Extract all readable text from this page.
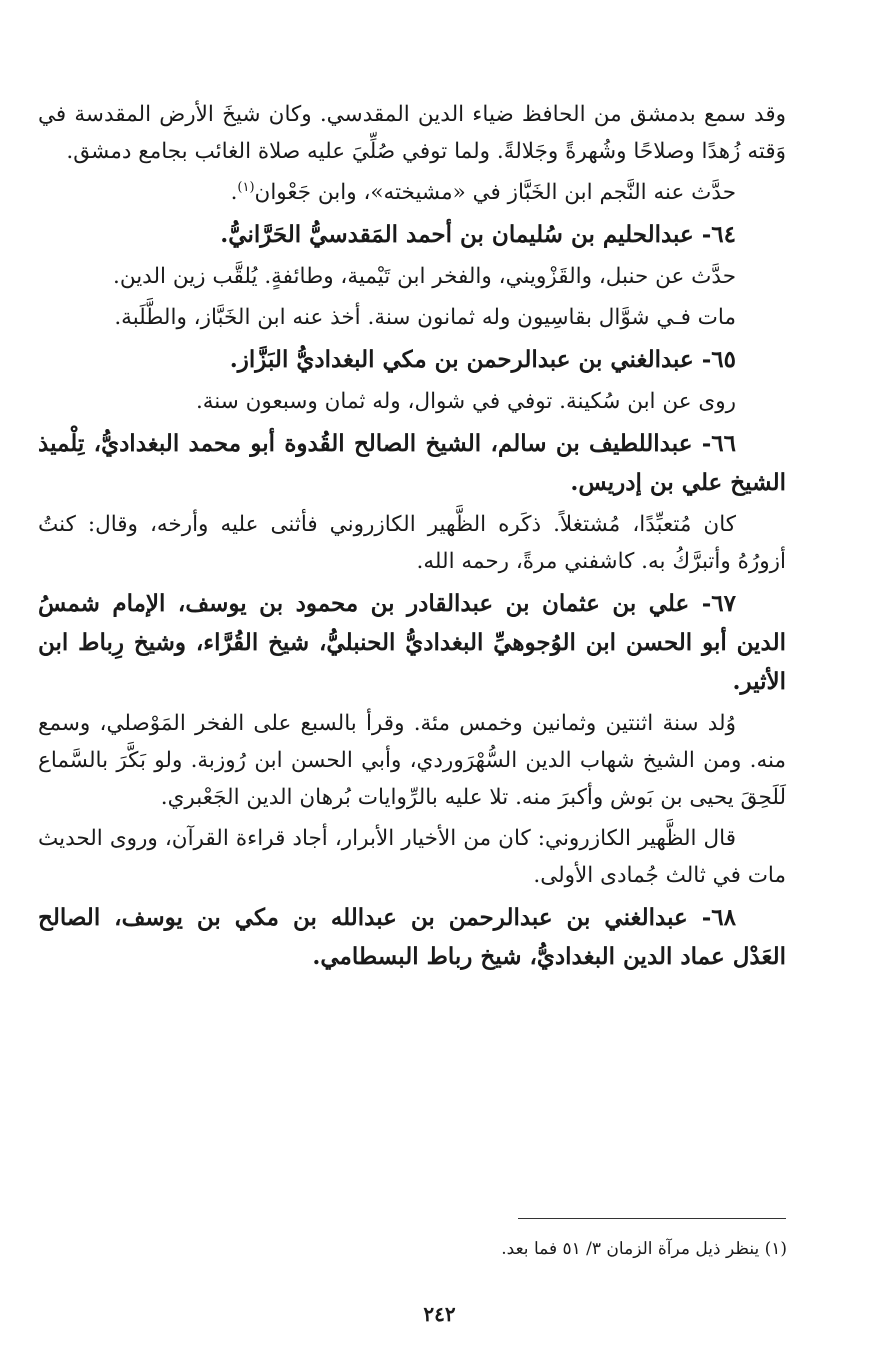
وقد سمع بدمشق من الحافظ ضياء الدين المقدسي. وكان شيخَ الأرض المقدسة في وَقته زُهدًا وصلاحًا وشُهرةً وجَلالةً. ولما توفي صُلِّيَ عليه صلاة الغائب بجامع دمشق.

حدَّث عنه النَّجم ابن الخَبَّاز في «مشيخته»، وابن جَعْوان$^{(١)}$.

٦٤- عبدالحليم بن سُليمان بن أحمد المَقدسيُّ الحَرَّانيُّ.

حدَّث عن حنبل، والقَزْويني، والفخر ابن تَيْمية، وطائفةٍ. يُلقَّب زين الدين.

مات فـي شوَّال بقاسِيون وله ثمانون سنة. أخذ عنه ابن الخَبَّاز، والطَّلَبة.

٦٥- عبدالغني بن عبدالرحمن بن مكي البغداديُّ البَزَّاز.

روى عن ابن سُكينة. توفي في شوال، وله ثمان وسبعون سنة.

٦٦- عبداللطيف بن سالم، الشيخ الصالح القُدوة أبو محمد البغداديُّ، تِلْميذ الشيخ علي بن إدريس.

كان مُتعبِّدًا، مُشتغلاً. ذكَره الظَّهير الكازروني فأثنى عليه وأرخه، وقال: كنتُ أزورُهُ وأتبرَّكُ به. كاشفني مرةً، رحمه الله.

٦٧- علي بن عثمان بن عبدالقادر بن محمود بن يوسف، الإمام شمسُ الدين أبو الحسن ابن الوُجوهيِّ البغداديُّ الحنبليُّ، شيخ القُرَّاء، وشيخ رِباط ابن الأثير.

وُلد سنة اثنتين وثمانين وخمس مئة. وقرأ بالسبع على الفخر المَوْصلي، وسمع منه. ومن الشيخ شهاب الدين السُّهْرَوردي، وأبي الحسن ابن رُوزبة. ولو بَكَّرَ بالسَّماع لَلَحِقَ يحيى بن بَوش وأكبرَ منه. تلا عليه بالرِّوايات بُرهان الدين الجَعْبري.

قال الظَّهير الكازروني: كان من الأخيار الأبرار، أجاد قراءة القرآن، وروى الحديث مات في ثالث جُمادى الأولى.

٦٨- عبدالغني بن عبدالرحمن بن عبدالله بن مكي بن يوسف، الصالح العَدْل عماد الدين البغداديُّ، شيخ رباط البسطامي.

(١) ينظر ذيل مرآة الزمان ٣/ ٥١ فما بعد.
٢٤٢
